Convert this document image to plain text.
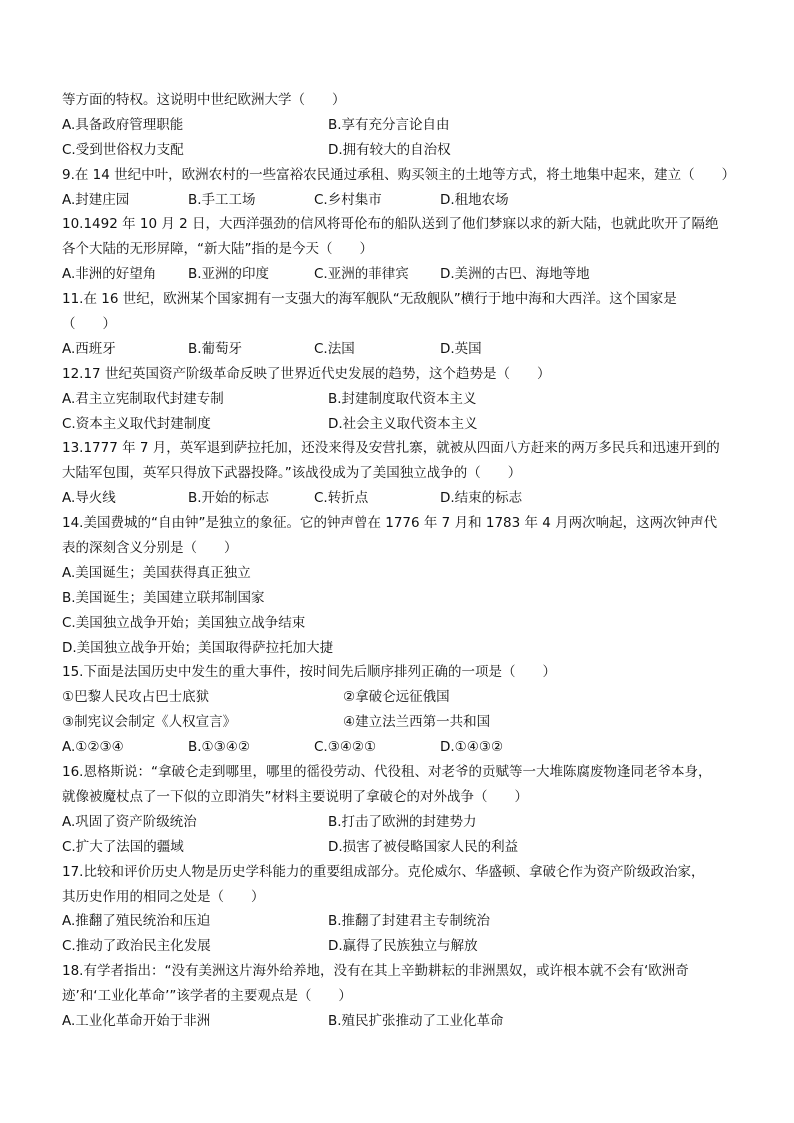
等方面的特权。这说明中世纪欧洲大学（　　）
A.具备政府管理职能	B.享有充分言论自由
C.受到世俗权力支配	D.拥有较大的自治权
9.在 14 世纪中叶，欧洲农村的一些富裕农民通过承租、购买领主的土地等方式，将土地集中起来，建立（　　）
A.封建庄园	B.手工工场	C.乡村集市	D.租地农场
10.1492 年 10 月 2 日，大西洋强劲的信风将哥伦布的船队送到了他们梦寐以求的新大陆，也就此吹开了隔绝
各个大陆的无形屏障，“新大陆”指的是今天（　　）
A.非洲的好望角	B.亚洲的印度	C.亚洲的菲律宾	D.美洲的古巴、海地等地
11.在 16 世纪，欧洲某个国家拥有一支强大的海军舰队“无敌舰队”横行于地中海和大西洋。这个国家是
（　　）
A.西班牙	B.葡萄牙	C.法国	D.英国
12.17 世纪英国资产阶级革命反映了世界近代史发展的趋势，这个趋势是（　　）
A.君主立宪制取代封建专制	B.封建制度取代资本主义
C.资本主义取代封建制度	D.社会主义取代资本主义
13.1777 年 7 月，英军退到萨拉托加，还没来得及安营扎寨，就被从四面八方赶来的两万多民兵和迅速开到的
大陆军包围，英军只得放下武器投降。”该战役成为了美国独立战争的（　　）
A.导火线	B.开始的标志	C.转折点	D.结束的标志
14.美国费城的“自由钟”是独立的象征。它的钟声曾在 1776 年 7 月和 1783 年 4 月两次响起，这两次钟声代
表的深刻含义分别是（　　）
A.美国诞生；美国获得真正独立
B.美国诞生；美国建立联邦制国家
C.美国独立战争开始；美国独立战争结束
D.美国独立战争开始；美国取得萨拉托加大捷
15.下面是法国历史中发生的重大事件，按时间先后顺序排列正确的一项是（　　）
①巴黎人民攻占巴士底狱	②拿破仑远征俄国
③制宪议会制定《人权宣言》	④建立法兰西第一共和国
A.①②③④	B.①③④②	C.③④②①	D.①④③②
16.恩格斯说：“拿破仑走到哪里，哪里的徭役劳动、代役租、对老爷的贡赋等一大堆陈腐废物逢同老爷本身，
就像被魔杖点了一下似的立即消失”材料主要说明了拿破仑的对外战争（　　）
A.巩固了资产阶级统治	B.打击了欧洲的封建势力
C.扩大了法国的疆域	D.损害了被侵略国家人民的利益
17.比较和评价历史人物是历史学科能力的重要组成部分。克伦威尔、华盛顿、拿破仑作为资产阶级政治家，
其历史作用的相同之处是（　　）
A.推翻了殖民统治和压迫	B.推翻了封建君主专制统治
C.推动了政治民主化发展	D.赢得了民族独立与解放
18.有学者指出：“没有美洲这片海外给养地，没有在其上辛勤耕耘的非洲黑奴，或许根本就不会有‘欧洲奇
迹’和‘工业化革命’”该学者的主要观点是（　　）
A.工业化革命开始于非洲	B.殖民扩张推动了工业化革命
